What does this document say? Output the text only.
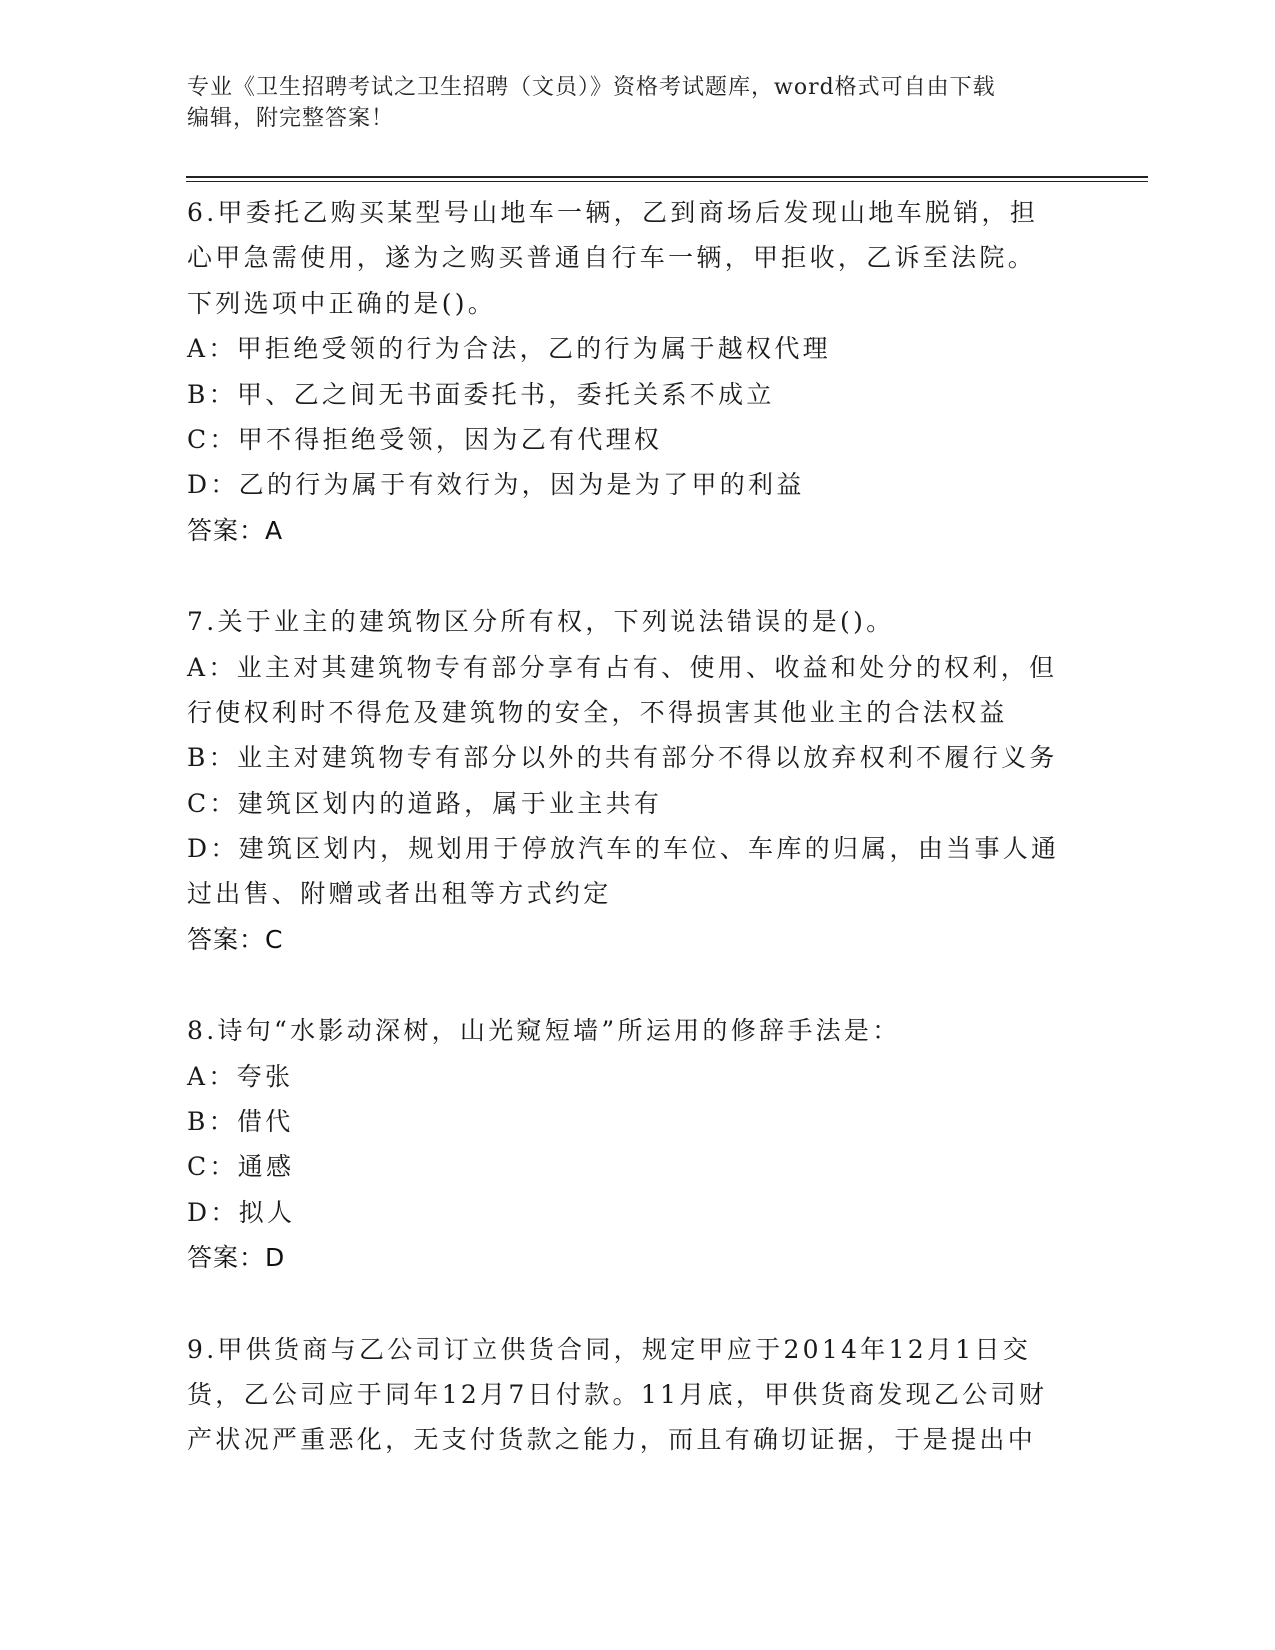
专业《卫生招聘考试之卫生招聘（文员）》资格考试题库，word格式可自由下载
编辑，附完整答案！
6.甲委托乙购买某型号山地车一辆，乙到商场后发现山地车脱销，担
心甲急需使用，遂为之购买普通自行车一辆，甲拒收，乙诉至法院。
下列选项中正确的是()。
A：甲拒绝受领的行为合法，乙的行为属于越权代理
B：甲、乙之间无书面委托书，委托关系不成立
C：甲不得拒绝受领，因为乙有代理权
D：乙的行为属于有效行为，因为是为了甲的利益
答案：A
7.关于业主的建筑物区分所有权，下列说法错误的是()。
A：业主对其建筑物专有部分享有占有、使用、收益和处分的权利，但
行使权利时不得危及建筑物的安全，不得损害其他业主的合法权益
B：业主对建筑物专有部分以外的共有部分不得以放弃权利不履行义务
C：建筑区划内的道路，属于业主共有
D：建筑区划内，规划用于停放汽车的车位、车库的归属，由当事人通
过出售、附赠或者出租等方式约定
答案：C
8.诗句“水影动深树，山光窥短墙”所运用的修辞手法是：
A：夸张
B：借代
C：通感
D：拟人
答案：D
9.甲供货商与乙公司订立供货合同，规定甲应于2014年12月1日交
货，乙公司应于同年12月7日付款。11月底，甲供货商发现乙公司财
产状况严重恶化，无支付货款之能力，而且有确切证据，于是提出中
